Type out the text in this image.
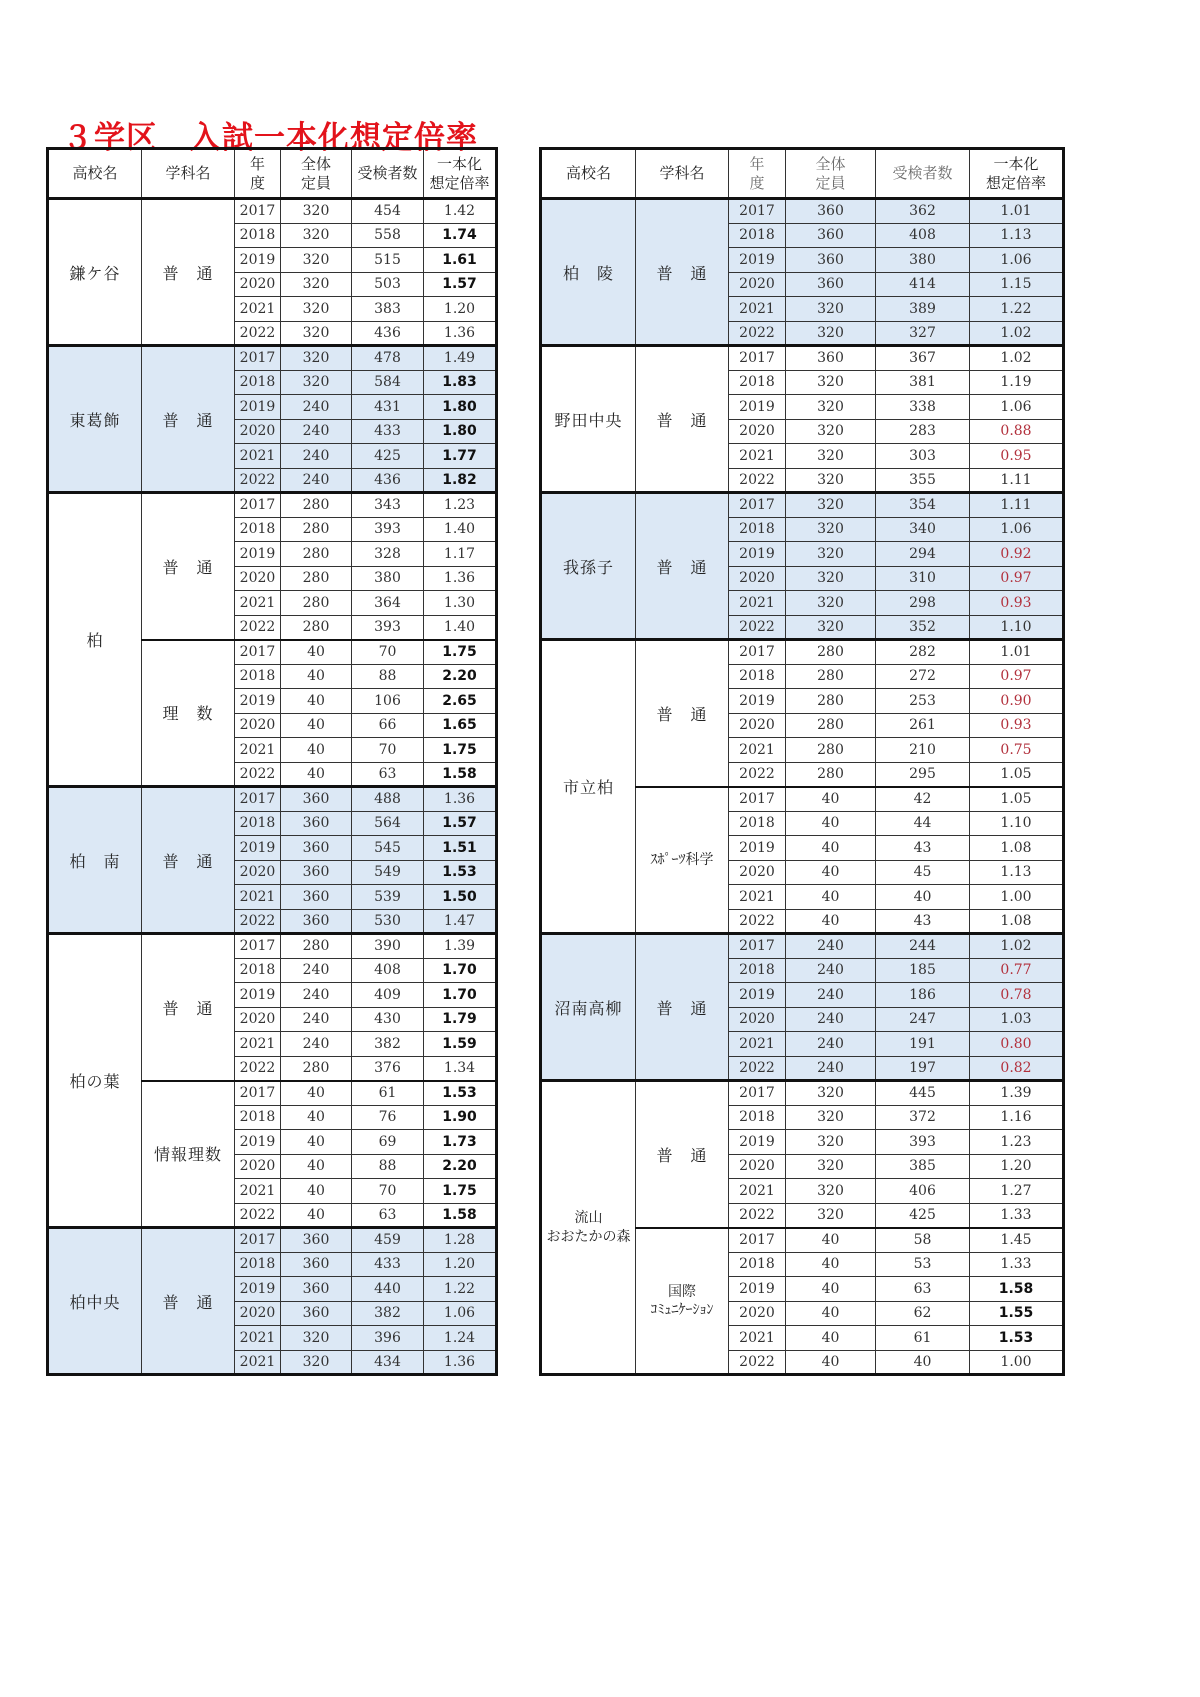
３学区　入試一本化想定倍率
高校名	学科名	年
度	全体
定員	受検者数	一本化
想定倍率
鎌ケ谷	普　通	2017	320	454	1.42
		2018	320	558	1.74
		2019	320	515	1.61
		2020	320	503	1.57
		2021	320	383	1.20
		2022	320	436	1.36
東葛飾	普　通	2017	320	478	1.49
		2018	320	584	1.83
		2019	240	431	1.80
		2020	240	433	1.80
		2021	240	425	1.77
		2022	240	436	1.82
柏	普　通	2017	280	343	1.23
		2018	280	393	1.40
		2019	280	328	1.17
		2020	280	380	1.36
		2021	280	364	1.30
		2022	280	393	1.40
	理　数	2017	40	70	1.75
		2018	40	88	2.20
		2019	40	106	2.65
		2020	40	66	1.65
		2021	40	70	1.75
		2022	40	63	1.58
柏　南	普　通	2017	360	488	1.36
		2018	360	564	1.57
		2019	360	545	1.51
		2020	360	549	1.53
		2021	360	539	1.50
		2022	360	530	1.47
柏の葉	普　通	2017	280	390	1.39
		2018	240	408	1.70
		2019	240	409	1.70
		2020	240	430	1.79
		2021	240	382	1.59
		2022	280	376	1.34
	情報理数	2017	40	61	1.53
		2018	40	76	1.90
		2019	40	69	1.73
		2020	40	88	2.20
		2021	40	70	1.75
		2022	40	63	1.58
柏中央	普　通	2017	360	459	1.28
		2018	360	433	1.20
		2019	360	440	1.22
		2020	360	382	1.06
		2021	320	396	1.24
		2021	320	434	1.36
高校名	学科名	年
度	全体
定員	受検者数	一本化
想定倍率
柏　陵	普　通	2017	360	362	1.01
		2018	360	408	1.13
		2019	360	380	1.06
		2020	360	414	1.15
		2021	320	389	1.22
		2022	320	327	1.02
野田中央	普　通	2017	360	367	1.02
		2018	320	381	1.19
		2019	320	338	1.06
		2020	320	283	0.88
		2021	320	303	0.95
		2022	320	355	1.11
我孫子	普　通	2017	320	354	1.11
		2018	320	340	1.06
		2019	320	294	0.92
		2020	320	310	0.97
		2021	320	298	0.93
		2022	320	352	1.10
市立柏	普　通	2017	280	282	1.01
		2018	280	272	0.97
		2019	280	253	0.90
		2020	280	261	0.93
		2021	280	210	0.75
		2022	280	295	1.05
	ｽﾎﾟｰﾂ科学	2017	40	42	1.05
		2018	40	44	1.10
		2019	40	43	1.08
		2020	40	45	1.13
		2021	40	40	1.00
		2022	40	43	1.08
沼南高柳	普　通	2017	240	244	1.02
		2018	240	185	0.77
		2019	240	186	0.78
		2020	240	247	1.03
		2021	240	191	0.80
		2022	240	197	0.82
流山
おおたかの森	普　通	2017	320	445	1.39
		2018	320	372	1.16
		2019	320	393	1.23
		2020	320	385	1.20
		2021	320	406	1.27
		2022	320	425	1.33
	国際
ｺﾐｭﾆｹｰｼｮﾝ	2017	40	58	1.45
		2018	40	53	1.33
		2019	40	63	1.58
		2020	40	62	1.55
		2021	40	61	1.53
		2022	40	40	1.00
